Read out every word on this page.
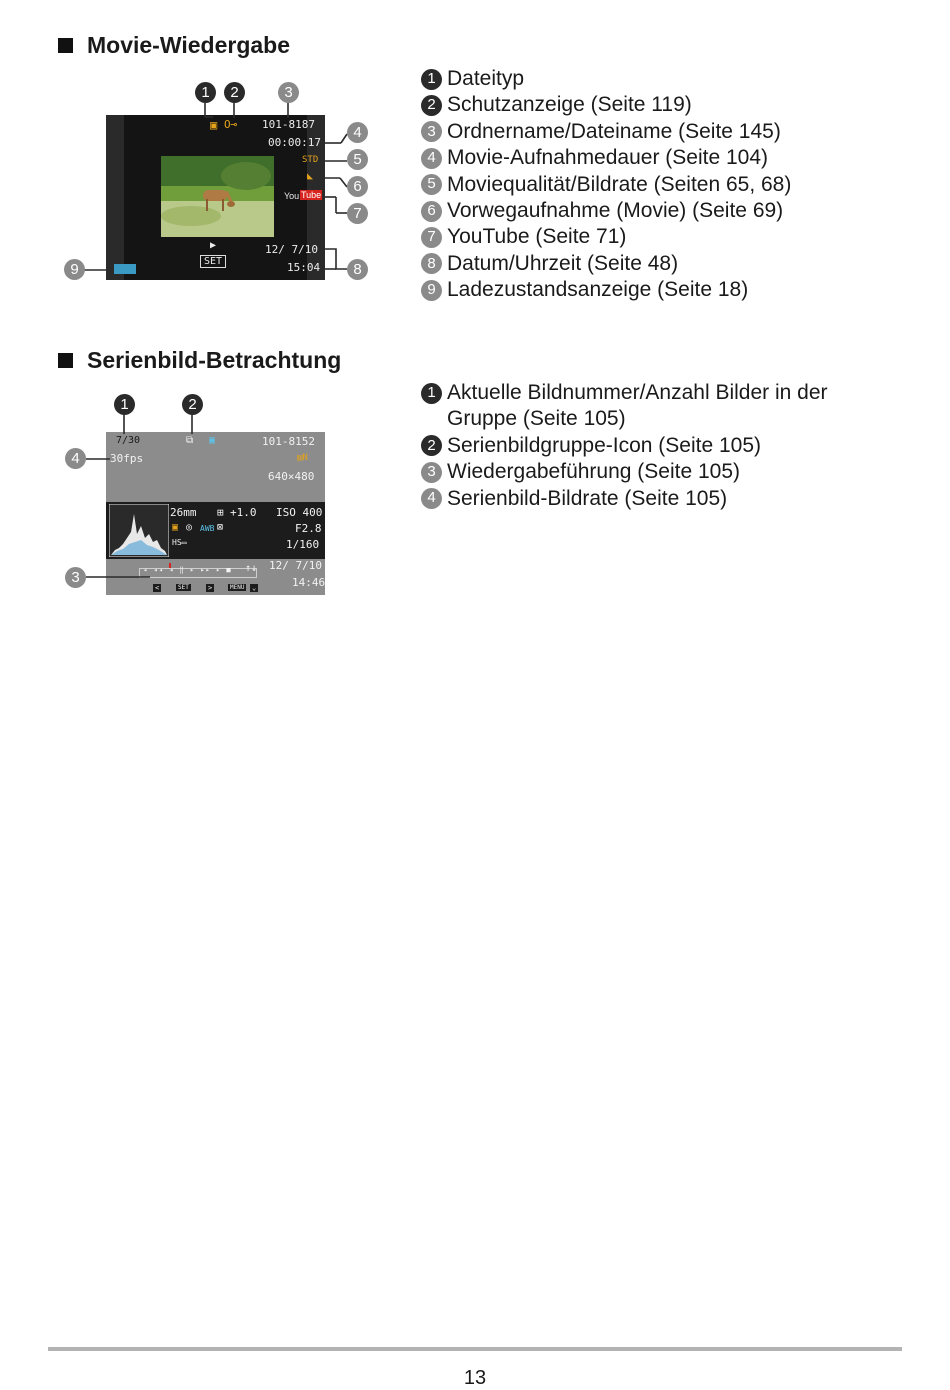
Movie-Wiedergabe
1 Dateityp
2 Schutzanzeige (Seite 119)
3 Ordnername/Dateiname (Seite 145)
4 Movie-Aufnahmedauer (Seite 104)
5 Moviequalität/Bildrate (Seiten 65, 68)
6 Vorwegaufnahme (Movie) (Seite 69)
7 YouTube (Seite 71)
8 Datum/Uhrzeit (Seite 48)
9 Ladezustandsanzeige (Seite 18)
▣ O⊸ 101-8187
00:00:17
STD
◣
You Tube
▶
SET
12/ 7/10
15:04
1	2	3
4
5
6
7
8
9
Serienbild-Betrachtung
1 Aktuelle Bildnummer/Anzahl Bilder in der Gruppe (Seite 105)
2 Serienbildgruppe-Icon (Seite 105)
3 Wiedergabeführung (Seite 105)
4 Serienbild-Bildrate (Seite 105)
7/30
30fps
⧉ ▣	101-8152
▤N
640×480
26mm ⊞ +1.0 ISO 400
▣ ◎ AWB ⊠	F2.8
HS▭	1/160
◂ ◂◂ ◂ ‖ ▸ ▸▸ ▸ ■ ↑↓ 12/ 7/10
14:46
<	SET	>	MENU ⌄
1	2
3
4
13
